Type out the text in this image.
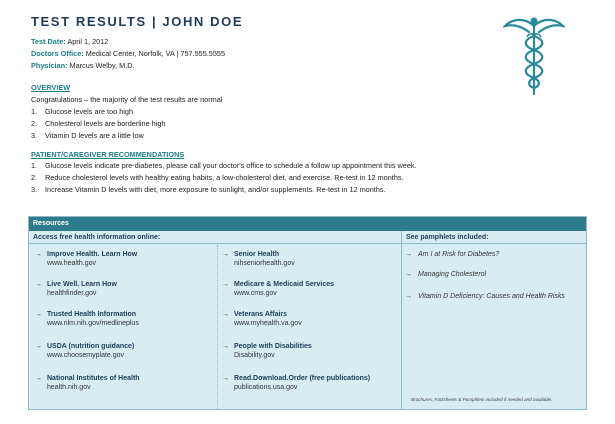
TEST RESULTS | JOHN DOE
Test Date: April 1, 2012
Doctors Office: Medical Center, Norfolk, VA | 757.555.5555
Physician: Marcus Welby, M.D.
OVERVIEW
Congratulations – the majority of the test results are normal
1. Glucose levels are too high
2. Cholesterol levels are borderline high
3. Vitamin D levels are a little low
PATIENT/CAREGIVER RECOMMENDATIONS
1. Glucose levels indicate pre-diabetes, please call your doctor's office to schedule a follow up appointment this week.
2. Reduce cholesterol levels with healthy eating habits, a low-cholesterol diet, and exercise. Re-test in 12 months.
3. Increase Vitamin D levels with diet, more exposure to sunlight, and/or supplements. Re-test in 12 months.
Resources
Access free health information online:	See pamphlets included:
→ Improve Health. Learn How
www.health.gov
→ Live Well. Learn How
healthfinder.gov
→ Trusted Health Information
www.nlm.nih.gov/medlineplus
→ USDA (nutrition guidance)
www.choosemyplate.gov
→ National Institutes of Health
health.nih.gov
→ Senior Health
nihseniorhealth.gov
→ Medicare & Medicaid Services
www.cms.gov
→ Veterans Affairs
www.myhealth.va.gov
→ People with Disabilities
Disability.gov
→ Read.Download.Order (free publications)
publications.usa.gov
→ Am I at Risk for Diabetes?
→ Managing Cholesterol
→ Vitamin D Deficiency: Causes and Health Risks
Brochures, Factsheets & Pamphlets included if needed and available.
